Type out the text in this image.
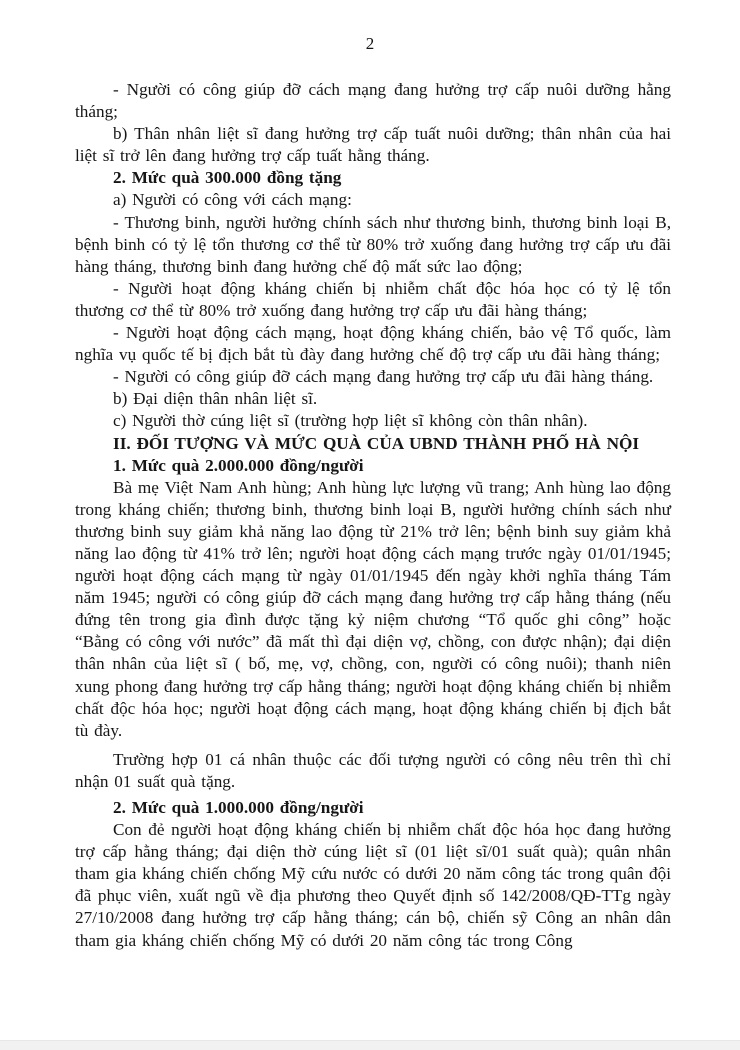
2

- Người có công giúp đỡ cách mạng đang hưởng trợ cấp nuôi dưỡng hằng tháng;

b) Thân nhân liệt sĩ đang hưởng trợ cấp tuất nuôi dưỡng; thân nhân của hai liệt sĩ trở lên đang hưởng trợ cấp tuất hằng tháng.

2. Mức quà 300.000 đồng tặng

a) Người có công với cách mạng:

- Thương binh, người hưởng chính sách như thương binh, thương binh loại B, bệnh binh có tỷ lệ tổn thương cơ thể từ 80% trở xuống đang hưởng trợ cấp ưu đãi hàng tháng, thương binh đang hưởng chế độ mất sức lao động;

- Người hoạt động kháng chiến bị nhiễm chất độc hóa học có tỷ lệ tổn thương cơ thể từ 80% trở xuống đang hưởng trợ cấp ưu đãi hàng tháng;

- Người hoạt động cách mạng, hoạt động kháng chiến, bảo vệ Tổ quốc, làm nghĩa vụ quốc tế bị địch bắt tù đày đang hưởng chế độ trợ cấp ưu đãi hàng tháng;

- Người có công giúp đỡ cách mạng đang hưởng trợ cấp ưu đãi hàng tháng.

b) Đại diện thân nhân liệt sĩ.

c) Người thờ cúng liệt sĩ (trường hợp liệt sĩ không còn thân nhân).

II. ĐỐI TƯỢNG VÀ MỨC QUÀ CỦA UBND THÀNH PHỐ HÀ NỘI

1. Mức quà 2.000.000 đồng/người

Bà mẹ Việt Nam Anh hùng; Anh hùng lực lượng vũ trang; Anh hùng lao động trong kháng chiến; thương binh, thương binh loại B, người hưởng chính sách như thương binh suy giảm khả năng lao động từ 21% trở lên; bệnh binh suy giảm khả năng lao động từ 41% trở lên; người hoạt động cách mạng trước ngày 01/01/1945; người hoạt động cách mạng từ ngày 01/01/1945 đến ngày khởi nghĩa tháng Tám năm 1945; người có công giúp đỡ cách mạng đang hưởng trợ cấp hằng tháng (nếu đứng tên trong gia đình được tặng kỷ niệm chương “Tổ quốc ghi công” hoặc “Bằng có công với nước” đã mất thì đại diện vợ, chồng, con được nhận); đại diện thân nhân của liệt sĩ ( bố, mẹ, vợ, chồng, con, người có công nuôi); thanh niên xung phong đang hưởng trợ cấp hằng tháng; người hoạt động kháng chiến bị nhiễm chất độc hóa học; người hoạt động cách mạng, hoạt động kháng chiến bị địch bắt tù đày.

Trường hợp 01 cá nhân thuộc các đối tượng người có công nêu trên thì chỉ nhận 01 suất quà tặng.

2. Mức quà 1.000.000 đồng/người

Con đẻ người hoạt động kháng chiến bị nhiễm chất độc hóa học đang hưởng trợ cấp hằng tháng; đại diện thờ cúng liệt sĩ (01 liệt sĩ/01 suất quà); quân nhân tham gia kháng chiến chống Mỹ cứu nước có dưới 20 năm công tác trong quân đội đã phục viên, xuất ngũ về địa phương theo Quyết định số 142/2008/QĐ-TTg ngày 27/10/2008 đang hưởng trợ cấp hằng tháng; cán bộ, chiến sỹ Công an nhân dân tham gia kháng chiến chống Mỹ có dưới 20 năm công tác trong Công
